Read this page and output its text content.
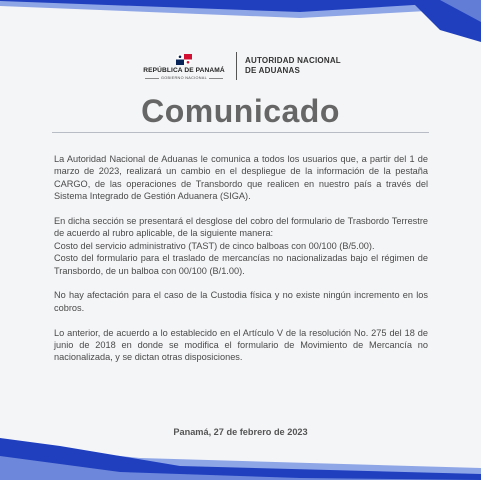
REPÚBLICA DE PANAMÁ
GOBIERNO NACIONAL
AUTORIDAD NACIONAL
DE ADUANAS
Comunicado

La Autoridad Nacional de Aduanas le comunica a todos los usuarios que, a partir del 1 de marzo de 2023, realizará un cambio en el despliegue de la información de la pestaña CARGO, de las operaciones de Transbordo que realicen en nuestro país a través del Sistema Integrado de Gestión Aduanera (SIGA).

En dicha sección se presentará el desglose del cobro del formulario de Trasbordo Terrestre de acuerdo al rubro aplicable, de la siguiente manera:

Costo del servicio administrativo (TAST) de cinco balboas con 00/100 (B/5.00).

Costo del formulario para el traslado de mercancías no nacionalizadas bajo el régimen de Transbordo, de un balboa con 00/100 (B/1.00).

No hay afectación para el caso de la Custodia física y no existe ningún incremento en los cobros.

Lo anterior, de acuerdo a lo establecido en el Artículo V de la resolución No. 275 del 18 de junio de 2018 en donde se modifica el formulario de Movimiento de Mercancía no nacionalizada, y se dictan otras disposiciones.

Panamá, 27 de febrero de 2023
